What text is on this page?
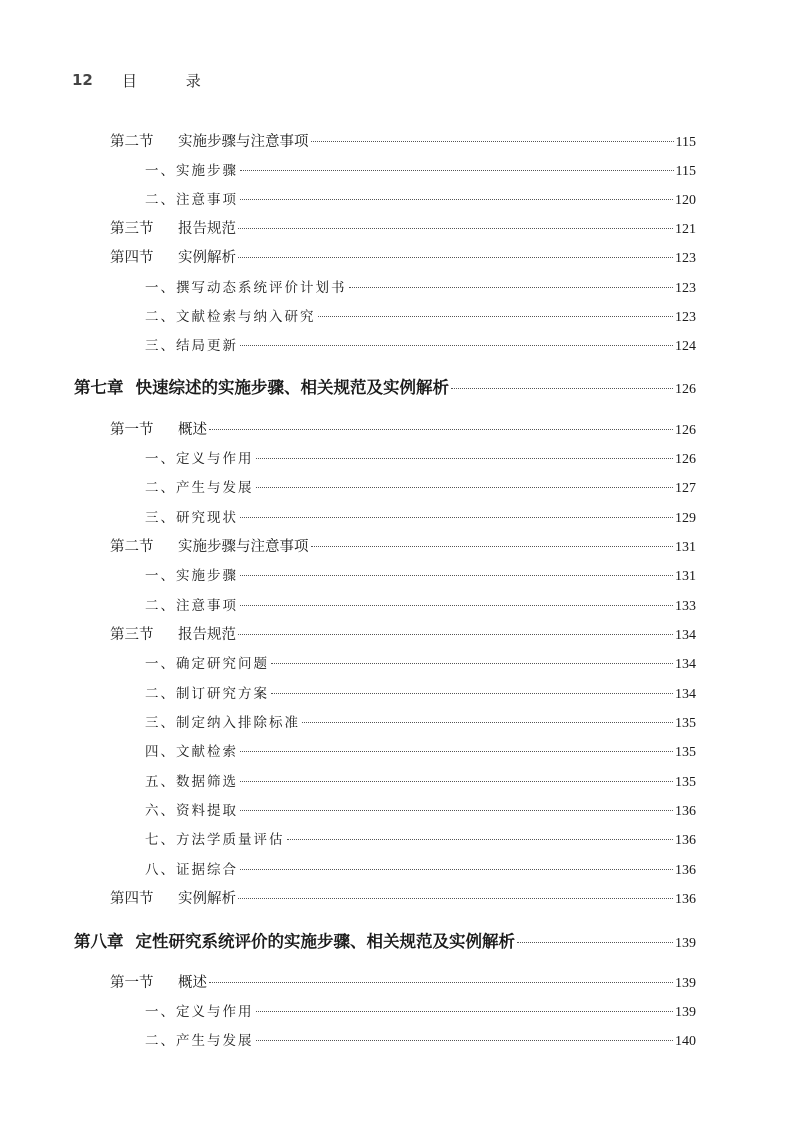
12	目 录
第二节 实施步骤与注意事项	115
一、实施步骤	115
二、注意事项	120
第三节 报告规范	121
第四节 实例解析	123
一、撰写动态系统评价计划书	123
二、文献检索与纳入研究	123
三、结局更新	124
第七章 快速综述的实施步骤、相关规范及实例解析	126
第一节 概述	126
一、定义与作用	126
二、产生与发展	127
三、研究现状	129
第二节 实施步骤与注意事项	131
一、实施步骤	131
二、注意事项	133
第三节 报告规范	134
一、确定研究问题	134
二、制订研究方案	134
三、制定纳入排除标准	135
四、文献检索	135
五、数据筛选	135
六、资料提取	136
七、方法学质量评估	136
八、证据综合	136
第四节 实例解析	136
第八章 定性研究系统评价的实施步骤、相关规范及实例解析	139
第一节 概述	139
一、定义与作用	139
二、产生与发展	140
